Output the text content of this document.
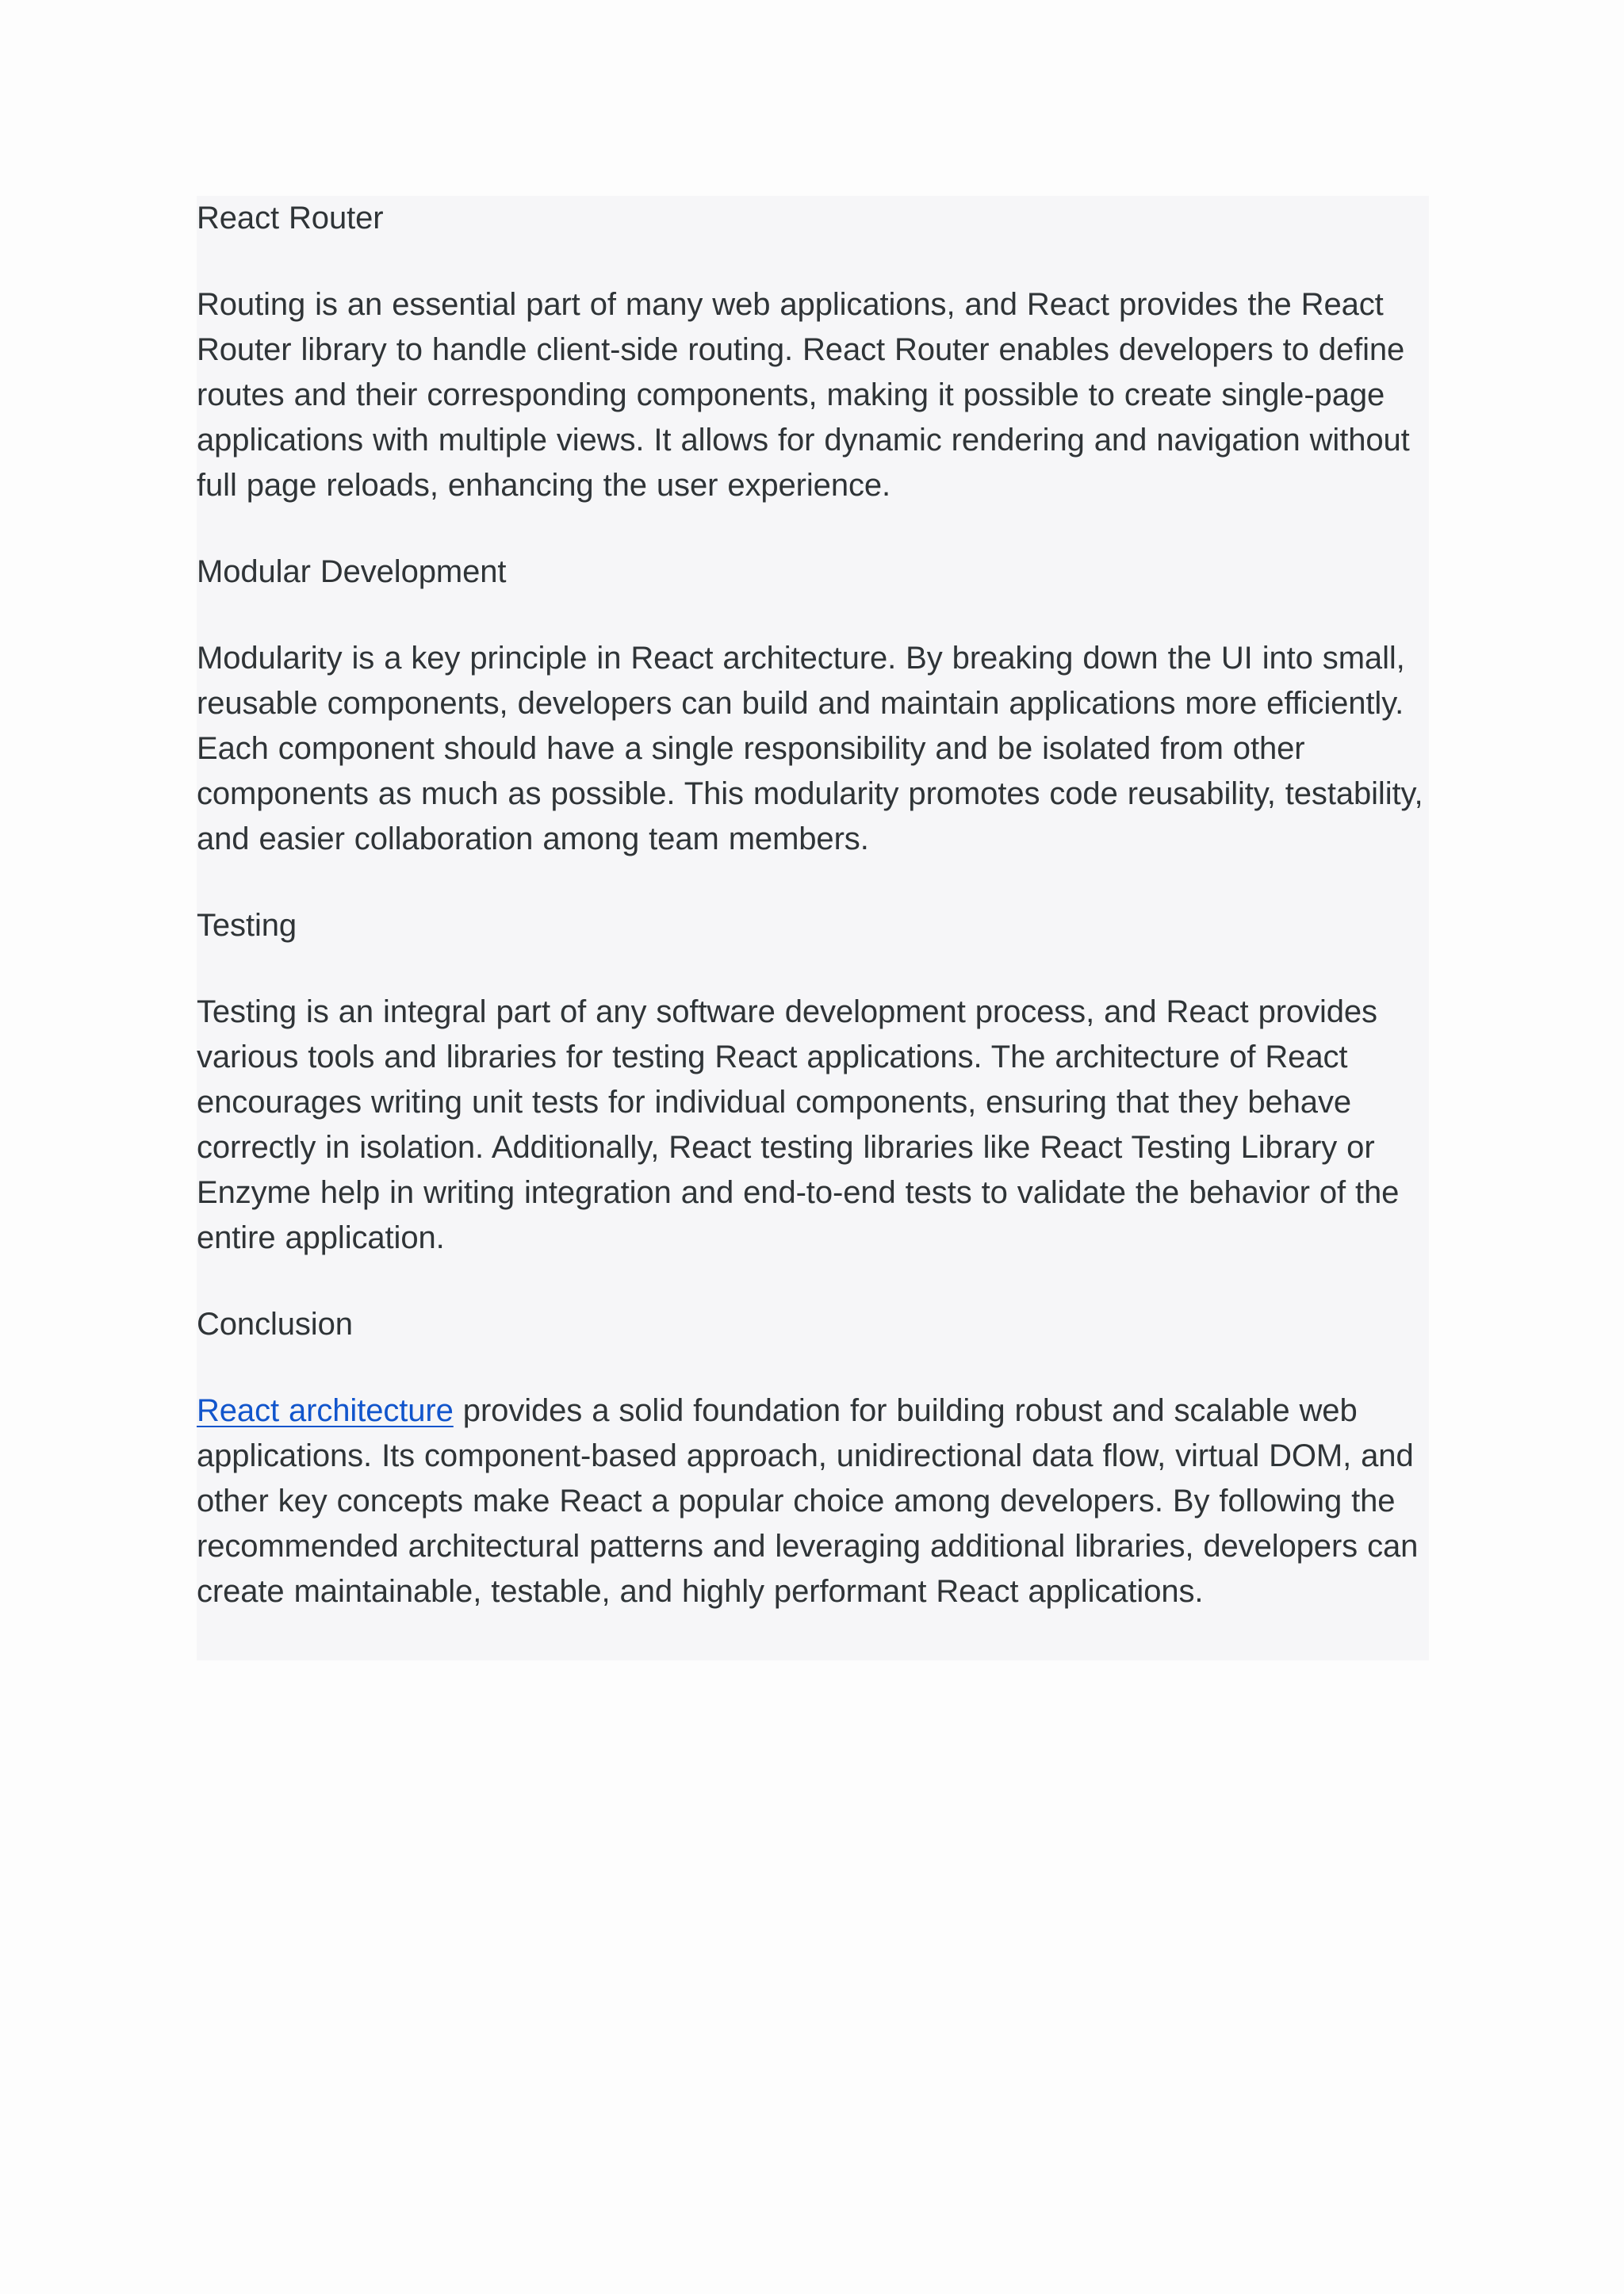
React Router

Routing is an essential part of many web applications, and React provides the React Router library to handle client-side routing. React Router enables developers to define routes and their corresponding components, making it possible to create single-page applications with multiple views. It allows for dynamic rendering and navigation without full page reloads, enhancing the user experience.

Modular Development

Modularity is a key principle in React architecture. By breaking down the UI into small, reusable components, developers can build and maintain applications more efficiently. Each component should have a single responsibility and be isolated from other components as much as possible. This modularity promotes code reusability, testability, and easier collaboration among team members.

Testing

Testing is an integral part of any software development process, and React provides various tools and libraries for testing React applications. The architecture of React encourages writing unit tests for individual components, ensuring that they behave correctly in isolation. Additionally, React testing libraries like React Testing Library or Enzyme help in writing integration and end-to-end tests to validate the behavior of the entire application.

Conclusion

React architecture provides a solid foundation for building robust and scalable web applications. Its component-based approach, unidirectional data flow, virtual DOM, and other key concepts make React a popular choice among developers. By following the recommended architectural patterns and leveraging additional libraries, developers can create maintainable, testable, and highly performant React applications.
